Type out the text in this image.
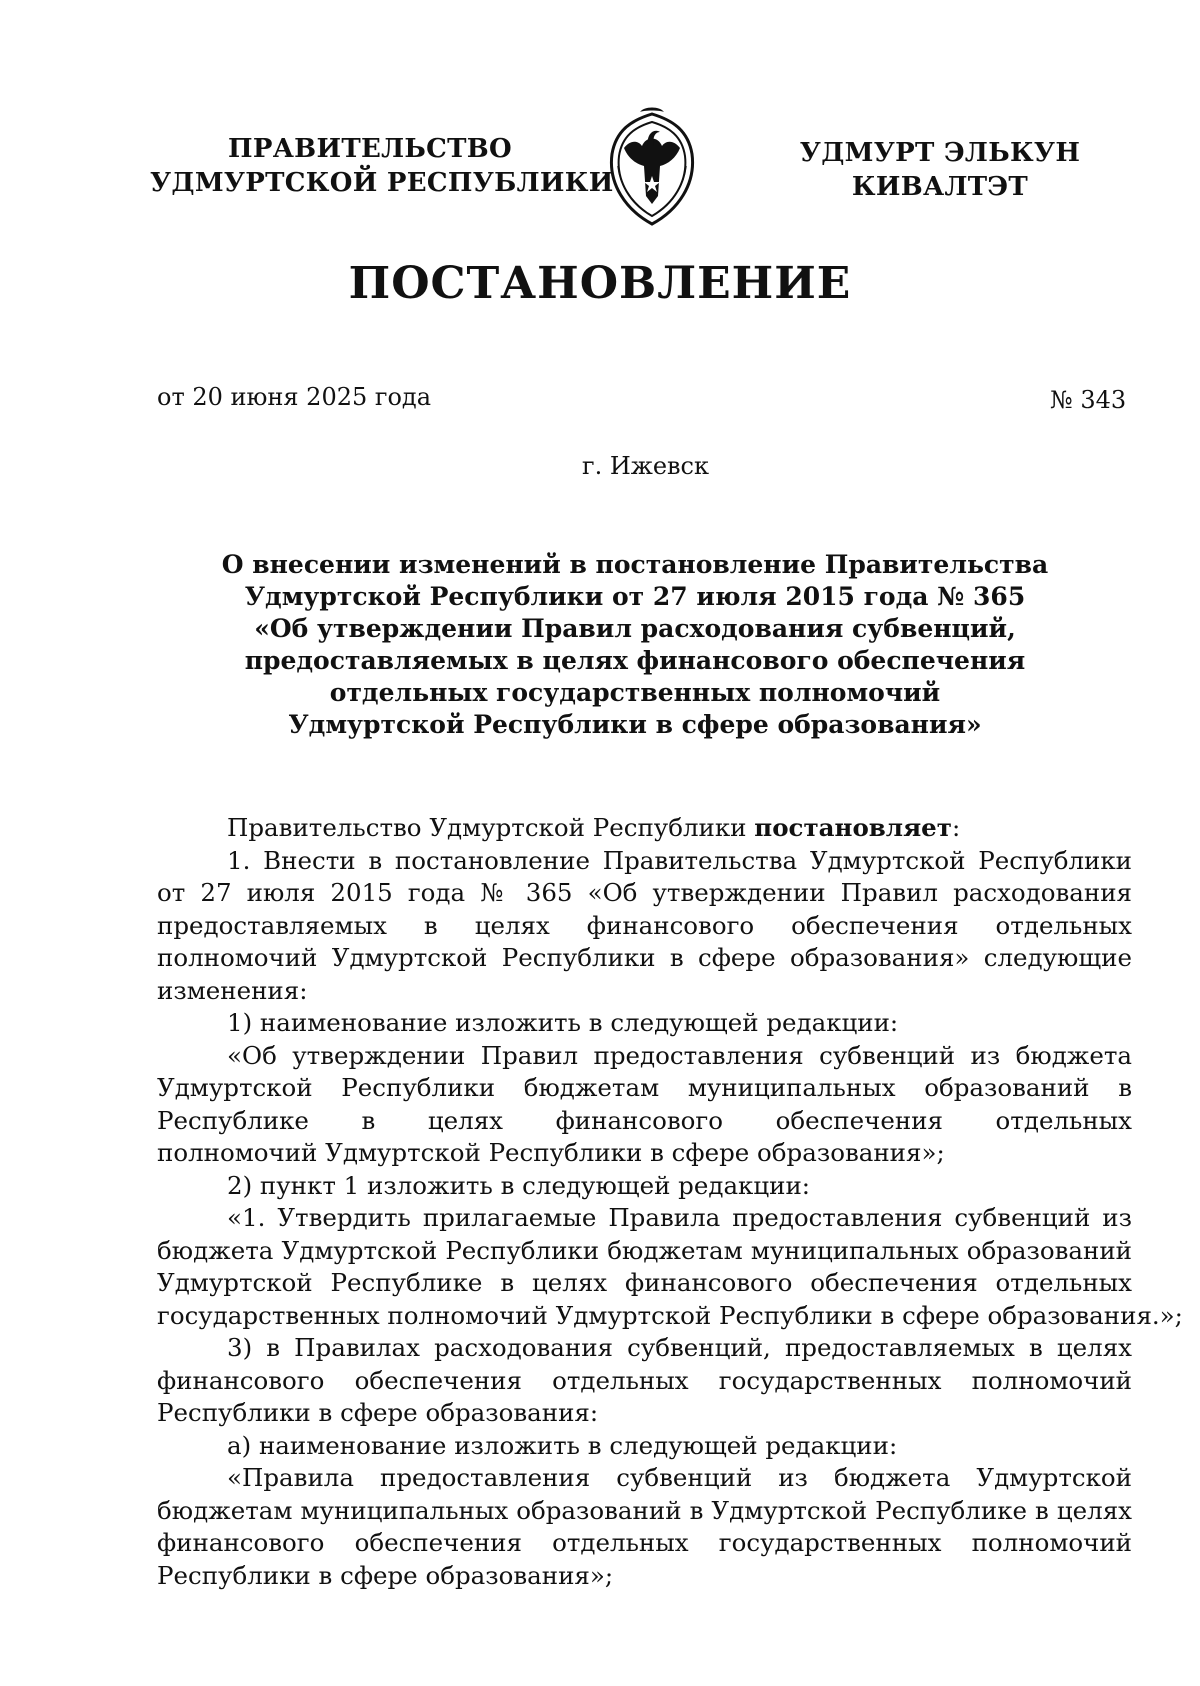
ПРАВИТЕЛЬСТВО
УДМУРТСКОЙ РЕСПУБЛИКИ
УДМУРТ ЭЛЬКУН
КИВАЛТЭТ
ПОСТАНОВЛЕНИЕ
от 20 июня 2025 года	№ 343
г. Ижевск
О внесении изменений в постановление Правительства
Удмуртской Республики от 27 июля 2015 года № 365
«Об утверждении Правил расходования субвенций,
предоставляемых в целях финансового обеспечения
отдельных государственных полномочий
Удмуртской Республики в сфере образования»
Правительство Удмуртской Республики постановляет:
1. Внести в постановление Правительства Удмуртской Республики
от 27 июля 2015 года № 365 «Об утверждении Правил расходования
предоставляемых в целях финансового обеспечения отдельных
полномочий Удмуртской Республики в сфере образования» следующие
изменения:
1) наименование изложить в следующей редакции:
«Об утверждении Правил предоставления субвенций из бюджета
Удмуртской Республики бюджетам муниципальных образований в
Республике в целях финансового обеспечения отдельных
полномочий Удмуртской Республики в сфере образования»;
2) пункт 1 изложить в следующей редакции:
«1. Утвердить прилагаемые Правила предоставления субвенций из
бюджета Удмуртской Республики бюджетам муниципальных образований
Удмуртской Республике в целях финансового обеспечения отдельных
государственных полномочий Удмуртской Республики в сфере образования.»;
3) в Правилах расходования субвенций, предоставляемых в целях
финансового обеспечения отдельных государственных полномочий
Республики в сфере образования:
а) наименование изложить в следующей редакции:
«Правила предоставления субвенций из бюджета Удмуртской
бюджетам муниципальных образований в Удмуртской Республике в целях
финансового обеспечения отдельных государственных полномочий
Республики в сфере образования»;
